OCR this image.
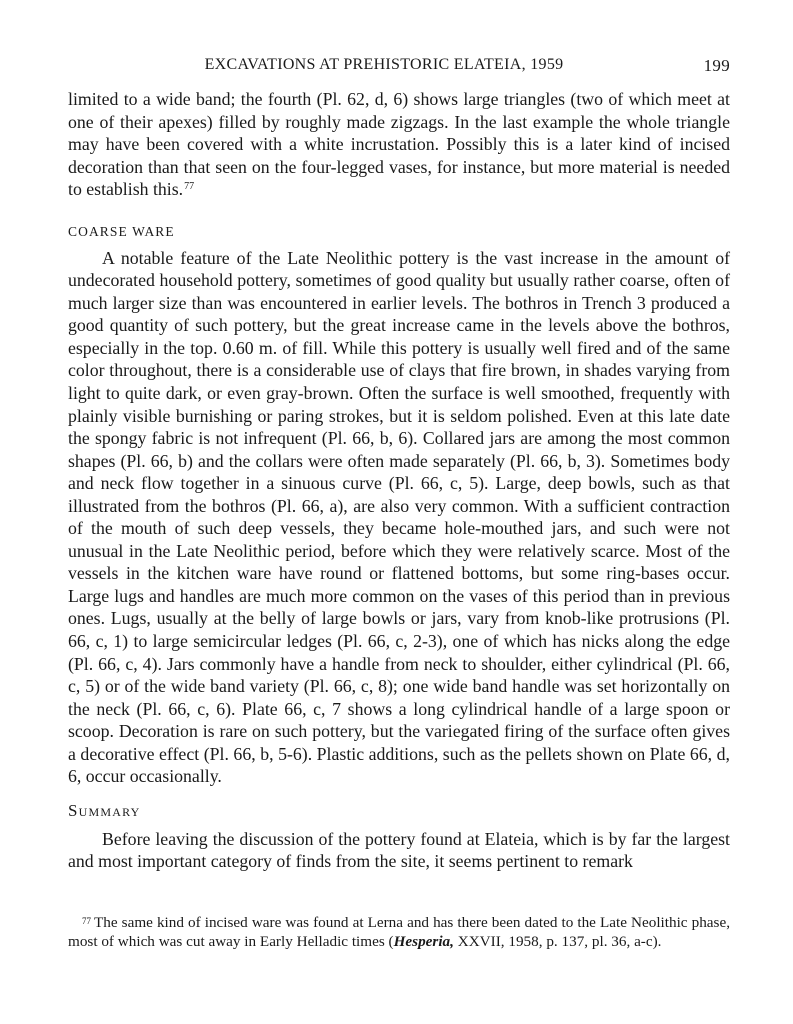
EXCAVATIONS AT PREHISTORIC ELATEIA, 1959	199

limited to a wide band; the fourth (Pl. 62, d, 6) shows large triangles (two of which meet at one of their apexes) filled by roughly made zigzags. In the last example the whole triangle may have been covered with a white incrustation. Possibly this is a later kind of incised decoration than that seen on the four-legged vases, for instance, but more material is needed to establish this.$^{77}$

COARSE WARE

A notable feature of the Late Neolithic pottery is the vast increase in the amount of undecorated household pottery, sometimes of good quality but usually rather coarse, often of much larger size than was encountered in earlier levels. The bothros in Trench 3 produced a good quantity of such pottery, but the great increase came in the levels above the bothros, especially in the top. 0.60 m. of fill. While this pottery is usually well fired and of the same color throughout, there is a considerable use of clays that fire brown, in shades varying from light to quite dark, or even gray-brown. Often the surface is well smoothed, frequently with plainly visible burnishing or paring strokes, but it is seldom polished. Even at this late date the spongy fabric is not infrequent (Pl. 66, b, 6). Collared jars are among the most common shapes (Pl. 66, b) and the collars were often made separately (Pl. 66, b, 3). Sometimes body and neck flow together in a sinuous curve (Pl. 66, c, 5). Large, deep bowls, such as that illustrated from the bothros (Pl. 66, a), are also very common. With a sufficient contraction of the mouth of such deep vessels, they became hole-mouthed jars, and such were not unusual in the Late Neolithic period, before which they were relatively scarce. Most of the vessels in the kitchen ware have round or flattened bottoms, but some ring-bases occur. Large lugs and handles are much more common on the vases of this period than in previous ones. Lugs, usually at the belly of large bowls or jars, vary from knob-like protrusions (Pl. 66, c, 1) to large semicircular ledges (Pl. 66, c, 2-3), one of which has nicks along the edge (Pl. 66, c, 4). Jars commonly have a handle from neck to shoulder, either cylindrical (Pl. 66, c, 5) or of the wide band variety (Pl. 66, c, 8); one wide band handle was set horizontally on the neck (Pl. 66, c, 6). Plate 66, c, 7 shows a long cylindrical handle of a large spoon or scoop. Decoration is rare on such pottery, but the variegated firing of the surface often gives a decorative effect (Pl. 66, b, 5-6). Plastic additions, such as the pellets shown on Plate 66, d, 6, occur occasionally.

Summary

Before leaving the discussion of the pottery found at Elateia, which is by far the largest and most important category of finds from the site, it seems pertinent to remark

$^{77}$ The same kind of incised ware was found at Lerna and has there been dated to the Late Neolithic phase, most of which was cut away in Early Helladic times (Hesperia, XXVII, 1958, p. 137, pl. 36, a-c).
